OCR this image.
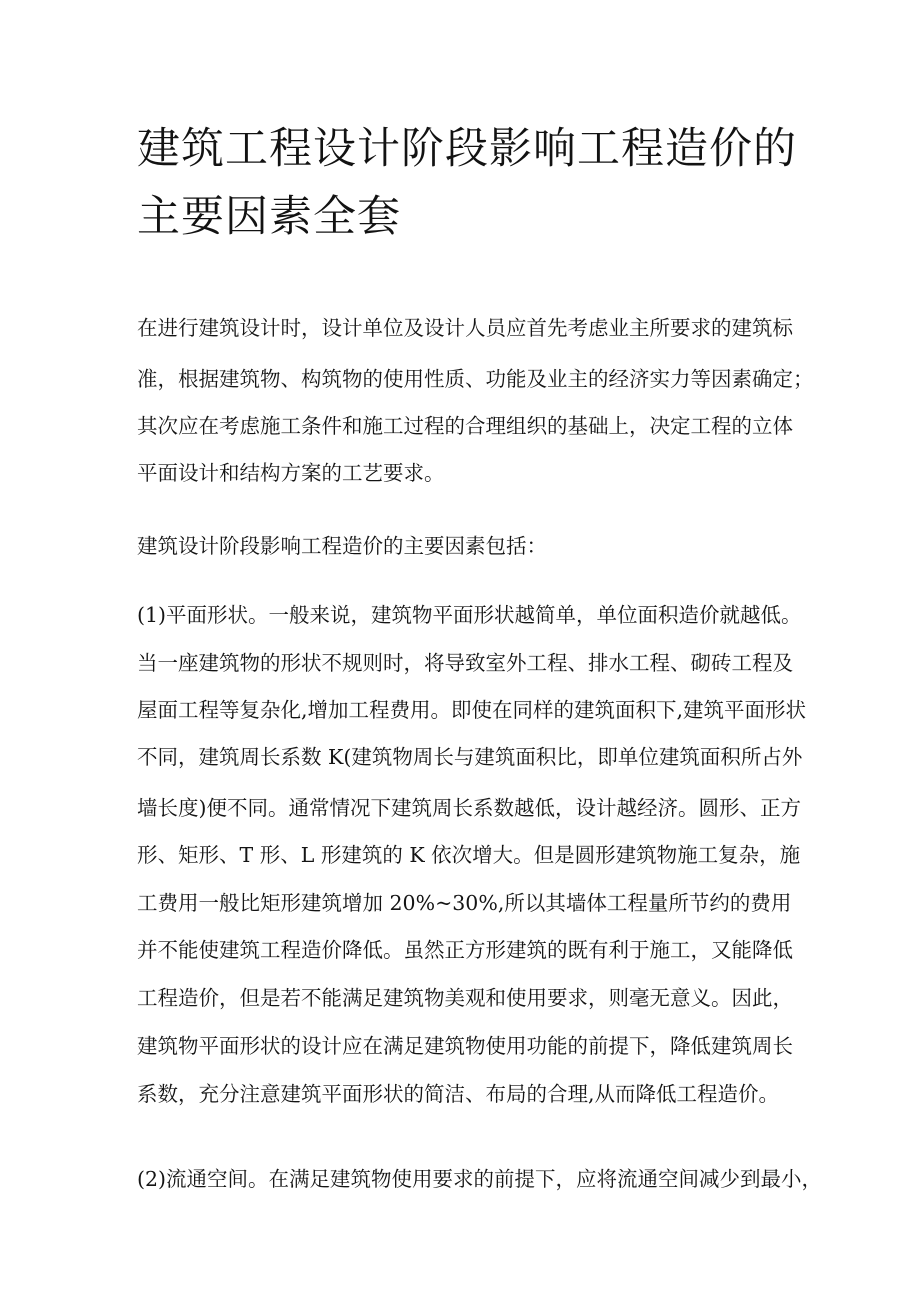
建筑工程设计阶段影响工程造价的
主要因素全套

在进行建筑设计时，设计单位及设计人员应首先考虑业主所要求的建筑标

准，根据建筑物、构筑物的使用性质、功能及业主的经济实力等因素确定；

其次应在考虑施工条件和施工过程的合理组织的基础上，决定工程的立体

平面设计和结构方案的工艺要求。

建筑设计阶段影响工程造价的主要因素包括：

(1)平面形状。一般来说，建筑物平面形状越简单，单位面积造价就越低。

当一座建筑物的形状不规则时，将导致室外工程、排水工程、砌砖工程及

屋面工程等复杂化,增加工程费用。即使在同样的建筑面积下,建筑平面形状

不同，建筑周长系数 K(建筑物周长与建筑面积比，即单位建筑面积所占外

墙长度)便不同。通常情况下建筑周长系数越低，设计越经济。圆形、正方

形、矩形、T 形、L 形建筑的 K 依次增大。但是圆形建筑物施工复杂，施

工费用一般比矩形建筑增加 20%~30%,所以其墙体工程量所节约的费用

并不能使建筑工程造价降低。虽然正方形建筑的既有利于施工，又能降低

工程造价，但是若不能满足建筑物美观和使用要求，则毫无意义。因此，

建筑物平面形状的设计应在满足建筑物使用功能的前提下，降低建筑周长

系数，充分注意建筑平面形状的简洁、布局的合理,从而降低工程造价。

(2)流通空间。在满足建筑物使用要求的前提下，应将流通空间减少到最小，
